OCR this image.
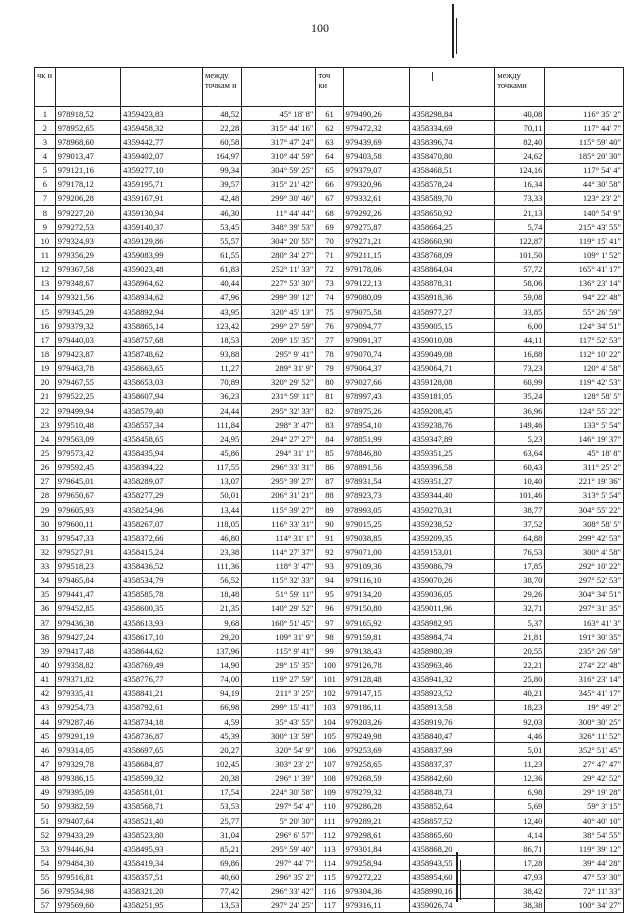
100
чк и			между точкам и		точ ки			между точками	
1	978918,52	4359423,83	48,52	45° 18' 8"	61	979490,26	4358298,84	40,08	116° 35' 2"
2	978952,65	4359458,32	22,28	315° 44' 16"	62	979472,32	4358334,69	70,11	117° 44' 7"
3	978968,60	4359442,77	60,58	317° 47' 24"	63	979439,69	4358396,74	82,40	115° 59' 40"
4	979013,47	4359402,07	164,97	310° 44' 59"	64	979403,58	4358470,80	24,62	185° 20' 30"
5	979121,16	4359277,10	99,34	304° 59' 25"	65	979379,07	4358468,51	124,16	117° 54' 4"
6	979178,12	4359195,71	39,57	315° 21' 42"	66	979320,96	4358578,24	16,34	44° 30' 58"
7	979206,28	4359167,91	42,48	299° 30' 46"	67	979332,61	4358589,70	73,33	123° 23' 2"
8	979227,20	4359130,94	46,30	11° 44' 44"	68	979292,26	4358650,92	21,13	140° 54' 9"
9	979272,53	4359140,37	53,45	348° 39' 53"	69	979275,87	4358664,25	5,74	215° 43' 55"
10	979324,93	4359129,86	55,57	304° 20' 55"	70	979271,21	4358660,90	122,87	119° 15' 41"
11	979356,29	4359083,99	61,55	280° 34' 27"	71	979211,15	4358768,09	101,50	109° 1' 52"
12	979367,58	4359023,48	61,83	252° 11' 33"	72	979178,06	4358864,04	57,72	165° 41' 17"
13	979348,67	4358964,62	40,44	227° 53' 30"	73	979122,13	4358878,31	58,06	136° 23' 14"
14	979321,56	4358934,62	47,96	299° 39' 12"	74	979080,09	4358918,36	59,08	94° 22' 48"
15	979345,29	4358892,94	43,95	320° 45' 13"	75	979075,58	4358977,27	33,85	55° 26' 59"
16	979379,32	4358865,14	123,42	299° 27' 59"	76	979094,77	4359005,15	6,00	124° 34' 51"
17	979440,03	4358757,68	18,53	209° 15' 35"	77	979091,37	4359010,08	44,11	117° 52' 53"
18	979423,87	4358748,62	93,88	295° 9' 41"	78	979070,74	4359049,08	16,88	112° 10' 22"
19	979463,78	4358663,65	11,27	289° 31' 9"	79	979064,37	4359064,71	73,23	120° 4' 58"
20	979467,55	4358653,03	70,89	320° 29' 52"	80	979027,66	4359128,08	60,99	119° 42' 53"
21	979522,25	4358607,94	36,23	231° 59' 11"	81	978997,43	4359181,05	35,24	128° 58' 5"
22	979499,94	4358579,40	24,44	295° 32' 33"	82	978975,26	4359208,45	36,96	124° 55' 22"
23	979510,48	4358557,34	111,84	298° 3' 47"	83	978954,10	4359238,76	149,46	133° 5' 54"
24	979563,09	4358458,65	24,95	294° 27' 27"	84	978851,99	4359347,89	5,23	146° 19' 37"
25	979573,42	4358435,94	45,86	294° 31' 1"	85	978846,80	4359351,25	63,64	45° 18' 8"
26	979592,45	4358394,22	117,55	296° 33' 31"	86	978891,56	4359396,58	60,43	311° 25' 2"
27	979645,01	4358289,07	13,07	295° 39' 27"	87	978931,54	4359351,27	10,40	221° 19' 36"
28	979650,67	4358277,29	50,01	206° 31' 21"	88	978923,73	4359344,40	101,46	313° 5' 54"
29	979605,93	4358254,96	13,44	115° 39' 27"	89	978993,05	4359270,31	38,77	304° 55' 22"
30	979600,11	4358267,07	118,05	116° 33' 31"	90	979015,25	4359238,52	37,52	308° 58' 5"
31	979547,33	4358372,66	46,80	114° 31' 1"	91	979038,85	4359209,35	64,88	299° 42' 53"
32	979527,91	4358415,24	23,38	114° 27' 37"	92	979071,00	4359153,01	76,53	300° 4' 58"
33	979518,23	4358436,52	111,36	118° 3' 47"	93	979109,36	4359086,79	17,85	292° 10' 22"
34	979465,84	4358534,79	56,52	115° 32' 33"	94	979116,10	4359070,26	38,70	297° 52' 53"
35	979441,47	4358585,78	18,48	51° 59' 11"	95	979134,20	4359036,05	29,26	304° 34' 51"
36	979452,85	4358600,35	21,35	140° 29' 52"	96	979150,80	4359011,96	32,71	297° 31' 35"
37	979436,38	4358613,93	9,68	160° 51' 45"	97	979165,92	4358982,95	5,37	163° 41' 3"
38	979427,24	4358617,10	29,20	109° 31' 9"	98	979159,81	4358984,74	21,81	191° 30' 35"
39	979417,48	4358644,62	137,96	115° 9' 41"	99	979138,43	4358980,39	20,55	235° 26' 59"
40	979358,82	4358769,49	14,90	29° 15' 35"	100	979126,78	4358963,46	22,21	274° 22' 48"
41	979371,82	4358776,77	74,00	119° 27' 59"	101	979128,48	4358941,32	25,80	316° 23' 14"
42	979335,41	4358841,21	94,19	211° 3' 25"	102	979147,15	4358923,52	40,21	345° 41' 17"
43	979254,73	4358792,61	66,98	299° 15' 41"	103	979186,11	4358913,58	18,23	19° 49' 2"
44	979287,46	4358734,18	4,59	35° 43' 55"	104	979203,26	4358919,76	92,03	300° 30' 25"
45	979291,19	4358736,87	45,39	300° 13' 59"	105	979249,98	4358840,47	4,46	326° 11' 52"
46	979314,05	4358697,65	20,27	320° 54' 9"	106	979253,69	4358837,99	5,01	352° 51' 45"
47	979329,78	4358684,87	102,45	303° 23' 2"	107	979258,65	4358837,37	11,23	27° 47' 47"
48	979386,15	4358599,32	20,38	296° 1' 39"	108	979268,59	4358842,60	12,36	29° 42' 52"
49	979395,09	4358581,01	17,54	224° 30' 58"	109	979279,32	4358848,73	6,98	29° 19' 28"
50	979382,59	4358568,71	53,53	297° 54' 4"	110	979286,28	4358852,64	5,69	59° 3' 15"
51	979407,64	4358521,40	25,77	5° 20' 30"	111	979289,21	4358857,52	12,40	40° 40' 10"
52	979433,29	4358523,80	31,04	296° 6' 57"	112	979298,61	4358865,60	4,14	38° 54' 55"
53	979446,94	4358495,93	85,21	295° 59' 40"	113	979301,84	4358868,20	86,71	119° 39' 12"
54	979484,30	4358419,34	69,86	297° 44' 7"	114	979258,94	4358943,55	17,28	39° 44' 28"
55	979516,81	4358357,51	40,60	296° 35' 2"	115	979272,22	4358954,60	47,93	47° 53' 30"
56	979534,98	4358321,20	77,42	296° 33' 42"	116	979304,36	4358990,16	38,42	72° 11' 33"
57	979569,60	4358251,95	13,53	297° 24' 25"	117	979316,11	4359026,74	38,38	100° 34' 27"
